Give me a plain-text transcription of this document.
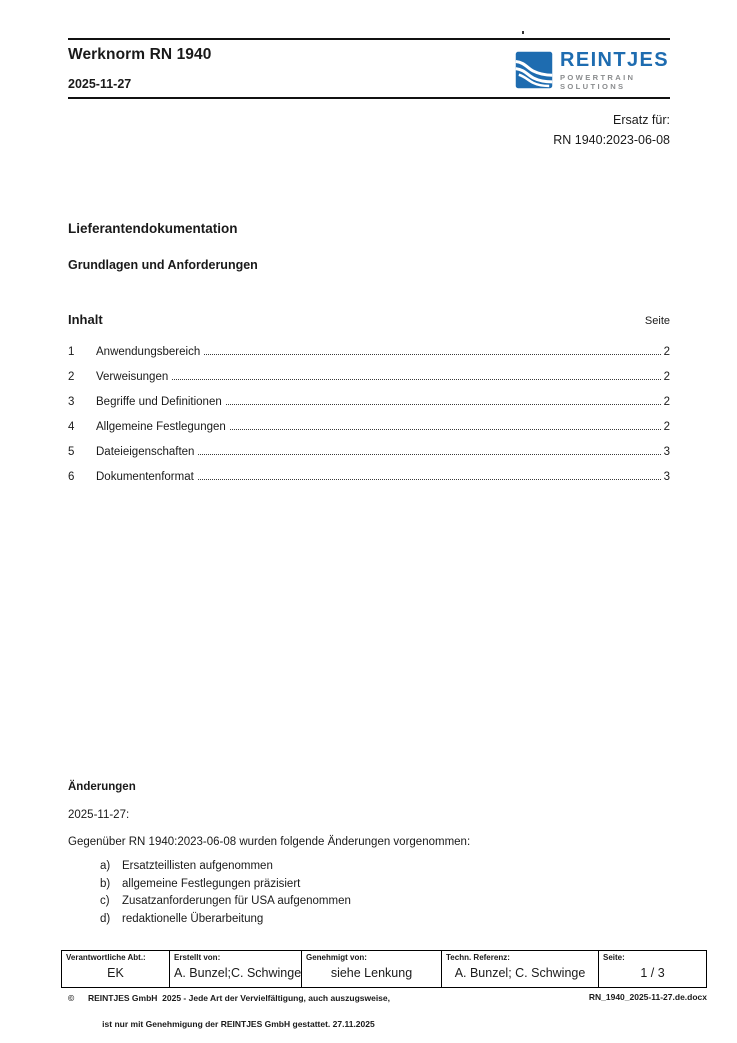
Werknorm RN 1940
2025-11-27
REINTJES
POWERTRAIN SOLUTIONS
Ersatz für:
RN 1940:2023-06-08
Lieferantendokumentation
Grundlagen und Anforderungen
Inhalt	Seite
1	Anwendungsbereich	2
2	Verweisungen	2
3	Begriffe und Definitionen	2
4	Allgemeine Festlegungen	2
5	Dateieigenschaften	3
6	Dokumentenformat	3
Änderungen
2025-11-27:
Gegenüber RN 1940:2023-06-08 wurden folgende Änderungen vorgenommen:
a)	Ersatzteillisten aufgenommen
b)	allgemeine Festlegungen präzisiert
c)	Zusatzanforderungen für USA aufgenommen
d)	redaktionelle Überarbeitung
Verantwortliche Abt.:
EK
Erstellt von:
A. Bunzel;C. Schwinge
Genehmigt von:
siehe Lenkung
Techn. Referenz:
A. Bunzel; C. Schwinge
Seite:
1 / 3
©	REINTJES GmbH  2025 - Jede Art der Vervielfältigung, auch auszugsweise,

ist nur mit Genehmigung der REINTJES GmbH gestattet. 27.11.2025

RN_1940_2025-11-27.de.docx
